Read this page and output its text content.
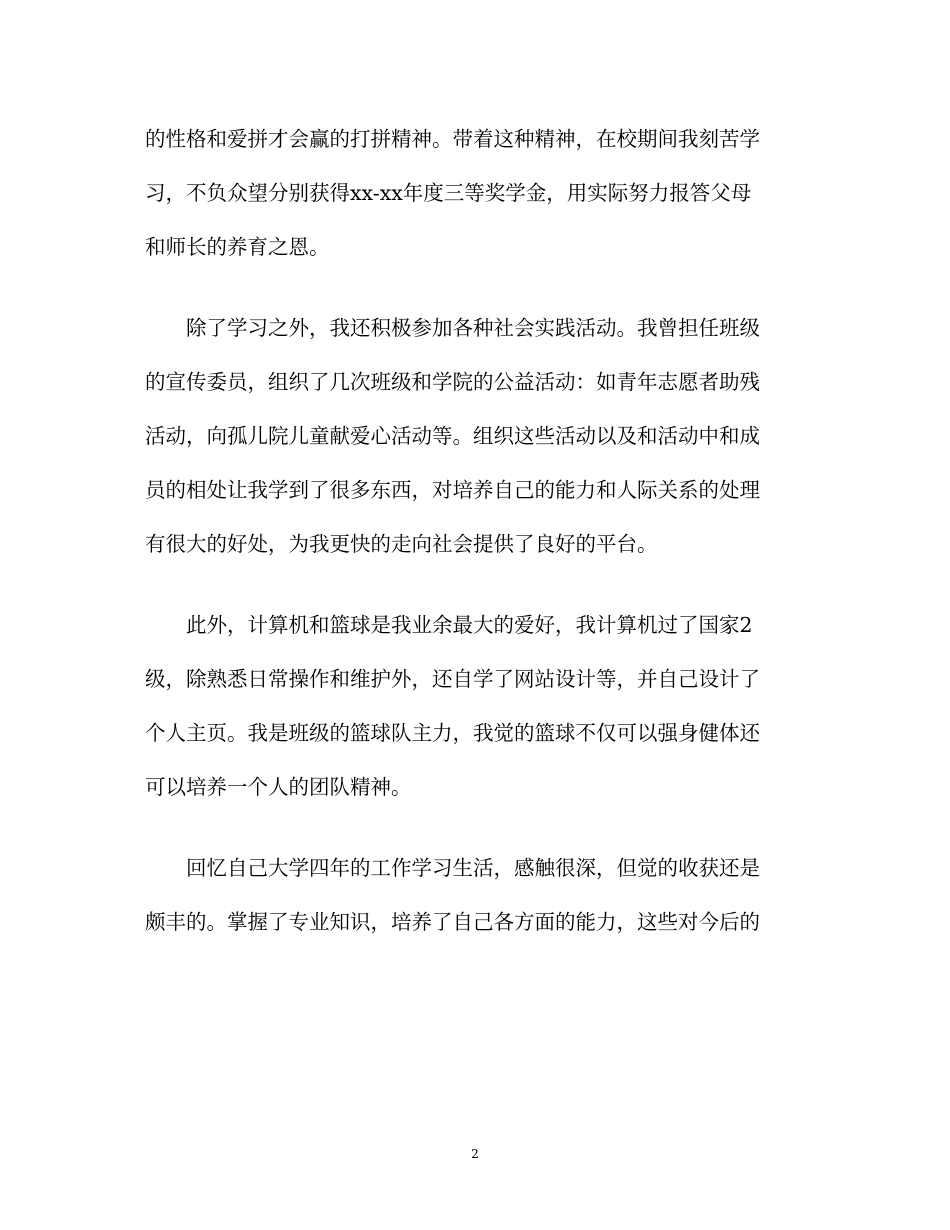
的性格和爱拼才会赢的打拼精神。带着这种精神，在校期间我刻苦学
习，不负众望分别获得xx-xx年度三等奖学金，用实际努力报答父母
和师长的养育之恩。
除了学习之外，我还积极参加各种社会实践活动。我曾担任班级
的宣传委员，组织了几次班级和学院的公益活动：如青年志愿者助残
活动，向孤儿院儿童献爱心活动等。组织这些活动以及和活动中和成
员的相处让我学到了很多东西，对培养自己的能力和人际关系的处理
有很大的好处，为我更快的走向社会提供了良好的平台。
此外，计算机和篮球是我业余最大的爱好，我计算机过了国家2
级，除熟悉日常操作和维护外，还自学了网站设计等，并自己设计了
个人主页。我是班级的篮球队主力，我觉的篮球不仅可以强身健体还
可以培养一个人的团队精神。
回忆自己大学四年的工作学习生活，感触很深，但觉的收获还是
颇丰的。掌握了专业知识，培养了自己各方面的能力，这些对今后的
2
